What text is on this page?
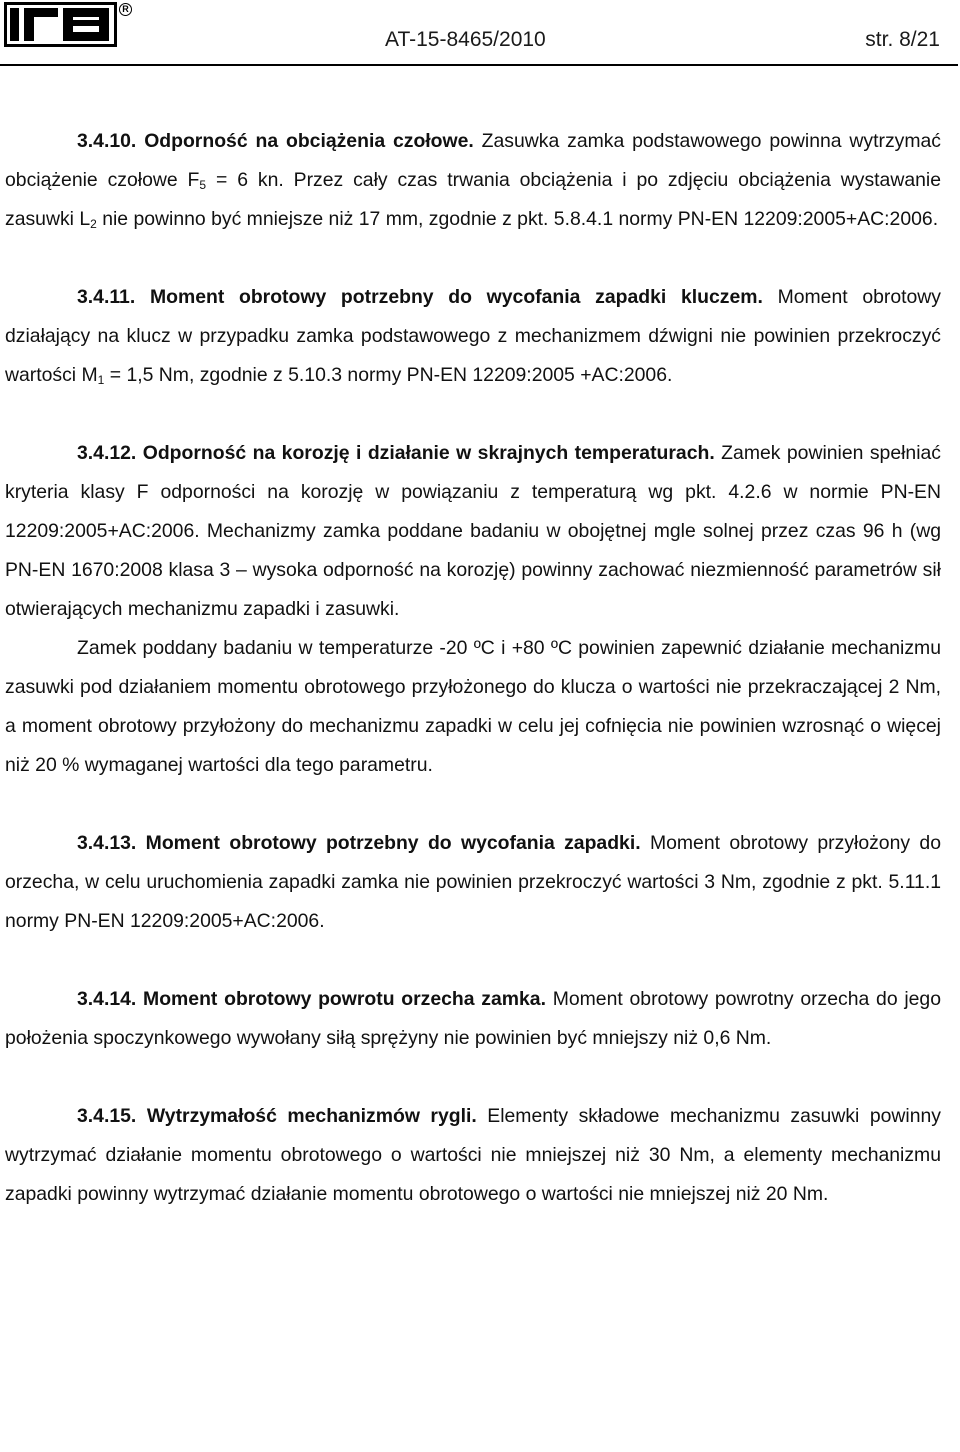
R
AT-15-8465/2010	str. 8/21

3.4.10. Odporność na obciążenia czołowe. Zasuwka zamka podstawowego powinna wytrzymać obciążenie czołowe $F_5 = 6$ kn. Przez cały czas trwania obciążenia i po zdjęciu obciążenia wystawanie zasuwki $L_2$ nie powinno być mniejsze niż 17 mm, zgodnie z pkt. 5.8.4.1 normy PN-EN 12209:2005+AC:2006.

3.4.11. Moment obrotowy potrzebny do wycofania zapadki kluczem. Moment obrotowy działający na klucz w przypadku zamka podstawowego z mechanizmem dźwigni nie powinien przekroczyć wartości $M_1 = 1,5$ Nm, zgodnie z 5.10.3 normy PN-EN 12209:2005 +AC:2006.

3.4.12. Odporność na korozję i działanie w skrajnych temperaturach. Zamek powinien spełniać kryteria klasy F odporności na korozję w powiązaniu z temperaturą wg pkt. 4.2.6 w normie PN-EN 12209:2005+AC:2006. Mechanizmy zamka poddane badaniu w obojętnej mgle solnej przez czas 96 h (wg PN-EN 1670:2008 klasa 3 – wysoka odporność na korozję) powinny zachować niezmienność parametrów sił otwierających mechanizmu zapadki i zasuwki.

Zamek poddany badaniu w temperaturze -20 ºC i +80 ºC powinien zapewnić działanie mechanizmu zasuwki pod działaniem momentu obrotowego przyłożonego do klucza o wartości nie przekraczającej 2 Nm, a moment obrotowy przyłożony do mechanizmu zapadki w celu jej cofnięcia nie powinien wzrosnąć o więcej niż 20 % wymaganej wartości dla tego parametru.

3.4.13. Moment obrotowy potrzebny do wycofania zapadki. Moment obrotowy przyłożony do orzecha, w celu uruchomienia zapadki zamka nie powinien przekroczyć wartości 3 Nm, zgodnie z pkt. 5.11.1 normy PN-EN 12209:2005+AC:2006.

3.4.14. Moment obrotowy powrotu orzecha zamka. Moment obrotowy powrotny orzecha do jego położenia spoczynkowego wywołany siłą sprężyny nie powinien być mniejszy niż 0,6 Nm.

3.4.15. Wytrzymałość mechanizmów rygli. Elementy składowe mechanizmu zasuwki powinny wytrzymać działanie momentu obrotowego o wartości nie mniejszej niż 30 Nm, a elementy mechanizmu zapadki powinny wytrzymać działanie momentu obrotowego o wartości nie mniejszej niż 20 Nm.
